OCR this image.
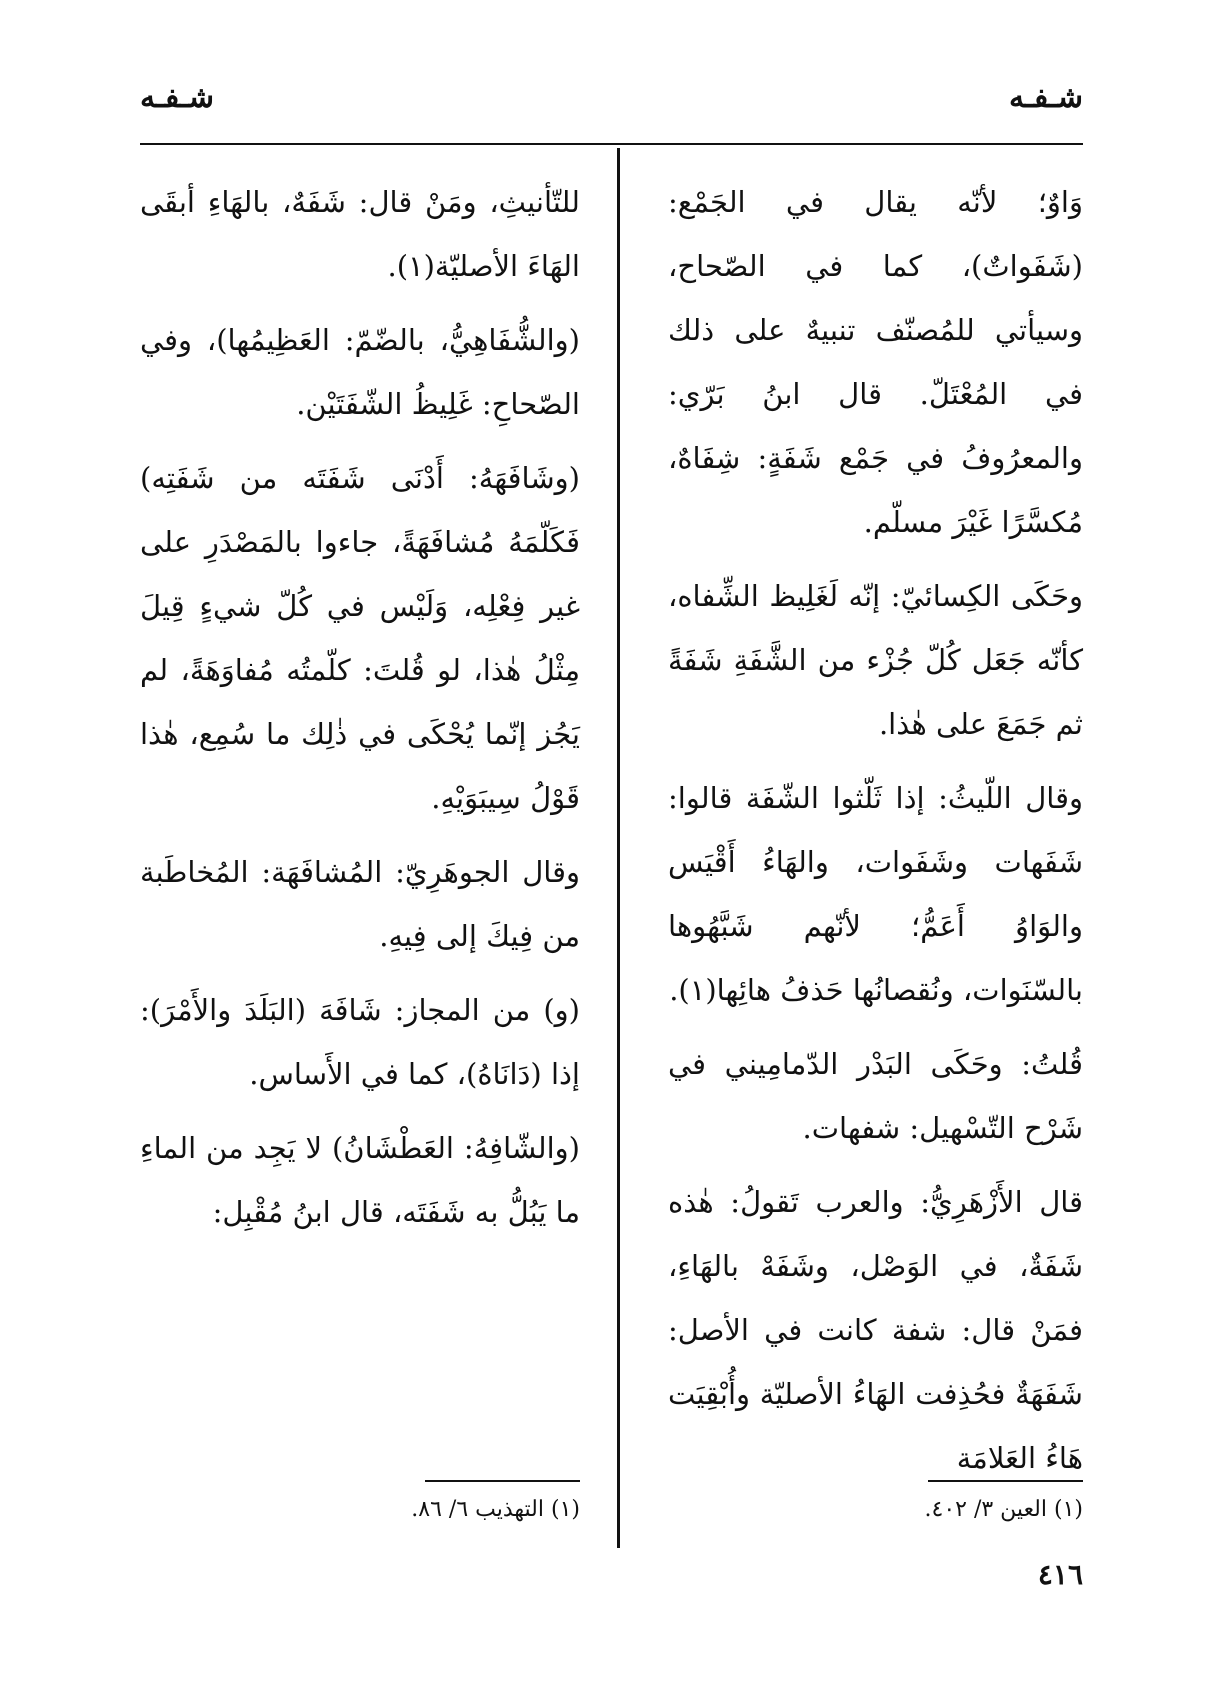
شـفـه
شـفـه

وَاوٌ؛ لأنّه يقال في الجَمْع: (شَفَواتٌ)، كما في الصّحاح، وسيأتي للمُصنّف تنبيهٌ على ذلك في المُعْتَلّ. قال ابنُ بَرّي: والمعرُوفُ في جَمْع شَفَةٍ: شِفَاهٌ، مُكسَّرًا غَيْرَ مسلّم.

وحَكَى الكِسائيّ: إنّه لَغَلِيظ الشِّفاه، كأنّه جَعَل كُلّ جُزْء من الشَّفَةِ شَفَةً ثم جَمَعَ على هٰذا.

وقال اللّيثُ: إذا ثَلّثوا الشّفَة قالوا: شَفَهات وشَفَوات، والهَاءُ أَقْيَس والوَاوُ أَعَمُّ؛ لأنّهم شَبَّهُوها بالسّنَوات، ونُقصانُها حَذفُ هائِها(١).

قُلتُ: وحَكَى البَدْر الدّمامِيني في شَرْح التّسْهيل: شفهات.

قال الأَزْهَرِيُّ: والعرب تَقولُ: هٰذه شَفَةٌ، في الوَصْل، وشَفَهْ بالهَاءِ، فمَنْ قال: شفة كانت في الأصل: شَفَهَةٌ فحُذِفت الهَاءُ الأصليّة وأُبْقِيَت هَاءُ العَلامَة

للتّأنيثِ، ومَنْ قال: شَفَهٌ، بالهَاءِ أبقَى الهَاءَ الأصليّة(١).

(والشُّفَاهِيُّ، بالضّمّ: العَظِيمُها)، وفي الصّحاحِ: غَلِيظُ الشّفَتَيْن.

(وشَافَهَهُ: أَدْنَى شَفَتَه من شَفَتِه) فَكَلّمَهُ مُشافَهَةً، جاءوا بالمَصْدَرِ على غير فِعْلِه، وَلَيْس في كُلّ شيءٍ قِيلَ مِثْلُ هٰذا، لو قُلتَ: كلّمتُه مُفاوَهَةً، لم يَجُز إنّما يُحْكَى في ذٰلِك ما سُمِع، هٰذا قَوْلُ سِيبَوَيْهِ.

وقال الجوهَرِيّ: المُشافَهَة: المُخاطَبة من فِيكَ إلى فِيهِ.

(و) من المجاز: شَافَهَ (البَلَدَ والأَمْرَ): إذا (دَانَاهُ)، كما في الأَساس.

(والشّافِهُ: العَطْشَانُ) لا يَجِد من الماءِ ما يَبُلُّ به شَفَتَه، قال ابنُ مُقْبِل:

(١) العين ٣/ ٤٠٢.
(١) التهذيب ٦/ ٨٦.
٤١٦
